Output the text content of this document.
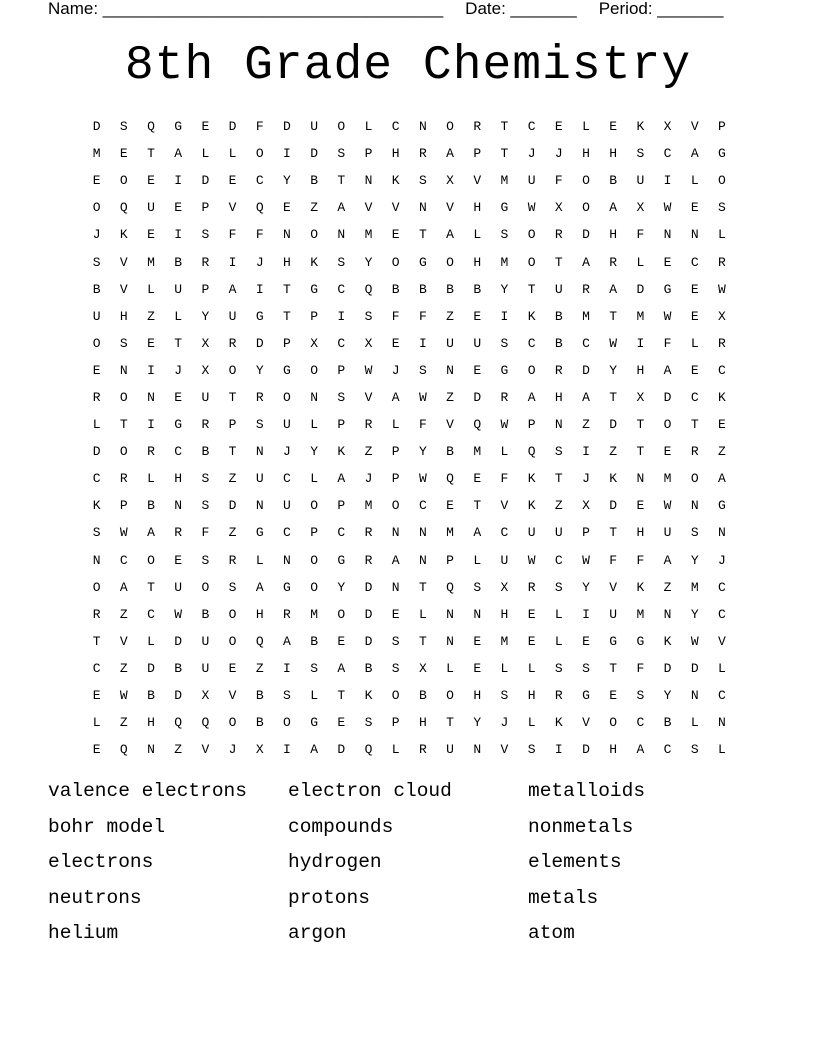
Name: ____________________________________ Date: _______ Period: _______
8th Grade Chemistry
D	S	Q	G	E	D	F	D	U	O	L	C	N	O	R	T	C	E	L	E	K	X	V	P
M	E	T	A	L	L	O	I	D	S	P	H	R	A	P	T	J	J	H	H	S	C	A	G
E	O	E	I	D	E	C	Y	B	T	N	K	S	X	V	M	U	F	O	B	U	I	L	O
O	Q	U	E	P	V	Q	E	Z	A	V	V	N	V	H	G	W	X	O	A	X	W	E	S
J	K	E	I	S	F	F	N	O	N	M	E	T	A	L	S	O	R	D	H	F	N	N	L
S	V	M	B	R	I	J	H	K	S	Y	O	G	O	H	M	O	T	A	R	L	E	C	R
B	V	L	U	P	A	I	T	G	C	Q	B	B	B	B	Y	T	U	R	A	D	G	E	W
U	H	Z	L	Y	U	G	T	P	I	S	F	F	Z	E	I	K	B	M	T	M	W	E	X
O	S	E	T	X	R	D	P	X	C	X	E	I	U	U	S	C	B	C	W	I	F	L	R
E	N	I	J	X	O	Y	G	O	P	W	J	S	N	E	G	O	R	D	Y	H	A	E	C
R	O	N	E	U	T	R	O	N	S	V	A	W	Z	D	R	A	H	A	T	X	D	C	K
L	T	I	G	R	P	S	U	L	P	R	L	F	V	Q	W	P	N	Z	D	T	O	T	E
D	O	R	C	B	T	N	J	Y	K	Z	P	Y	B	M	L	Q	S	I	Z	T	E	R	Z
C	R	L	H	S	Z	U	C	L	A	J	P	W	Q	E	F	K	T	J	K	N	M	O	A
K	P	B	N	S	D	N	U	O	P	M	O	C	E	T	V	K	Z	X	D	E	W	N	G
S	W	A	R	F	Z	G	C	P	C	R	N	N	M	A	C	U	U	P	T	H	U	S	N
N	C	O	E	S	R	L	N	O	G	R	A	N	P	L	U	W	C	W	F	F	A	Y	J
O	A	T	U	O	S	A	G	O	Y	D	N	T	Q	S	X	R	S	Y	V	K	Z	M	C
R	Z	C	W	B	O	H	R	M	O	D	E	L	N	N	H	E	L	I	U	M	N	Y	C
T	V	L	D	U	O	Q	A	B	E	D	S	T	N	E	M	E	L	E	G	G	K	W	V
C	Z	D	B	U	E	Z	I	S	A	B	S	X	L	E	L	L	S	S	T	F	D	D	L
E	W	B	D	X	V	B	S	L	T	K	O	B	O	H	S	H	R	G	E	S	Y	N	C
L	Z	H	Q	Q	O	B	O	G	E	S	P	H	T	Y	J	L	K	V	O	C	B	L	N
E	Q	N	Z	V	J	X	I	A	D	Q	L	R	U	N	V	S	I	D	H	A	C	S	L
valence electrons	electron cloud	metalloids
bohr model	compounds	nonmetals
electrons	hydrogen	elements
neutrons	protons	metals
helium	argon	atom
